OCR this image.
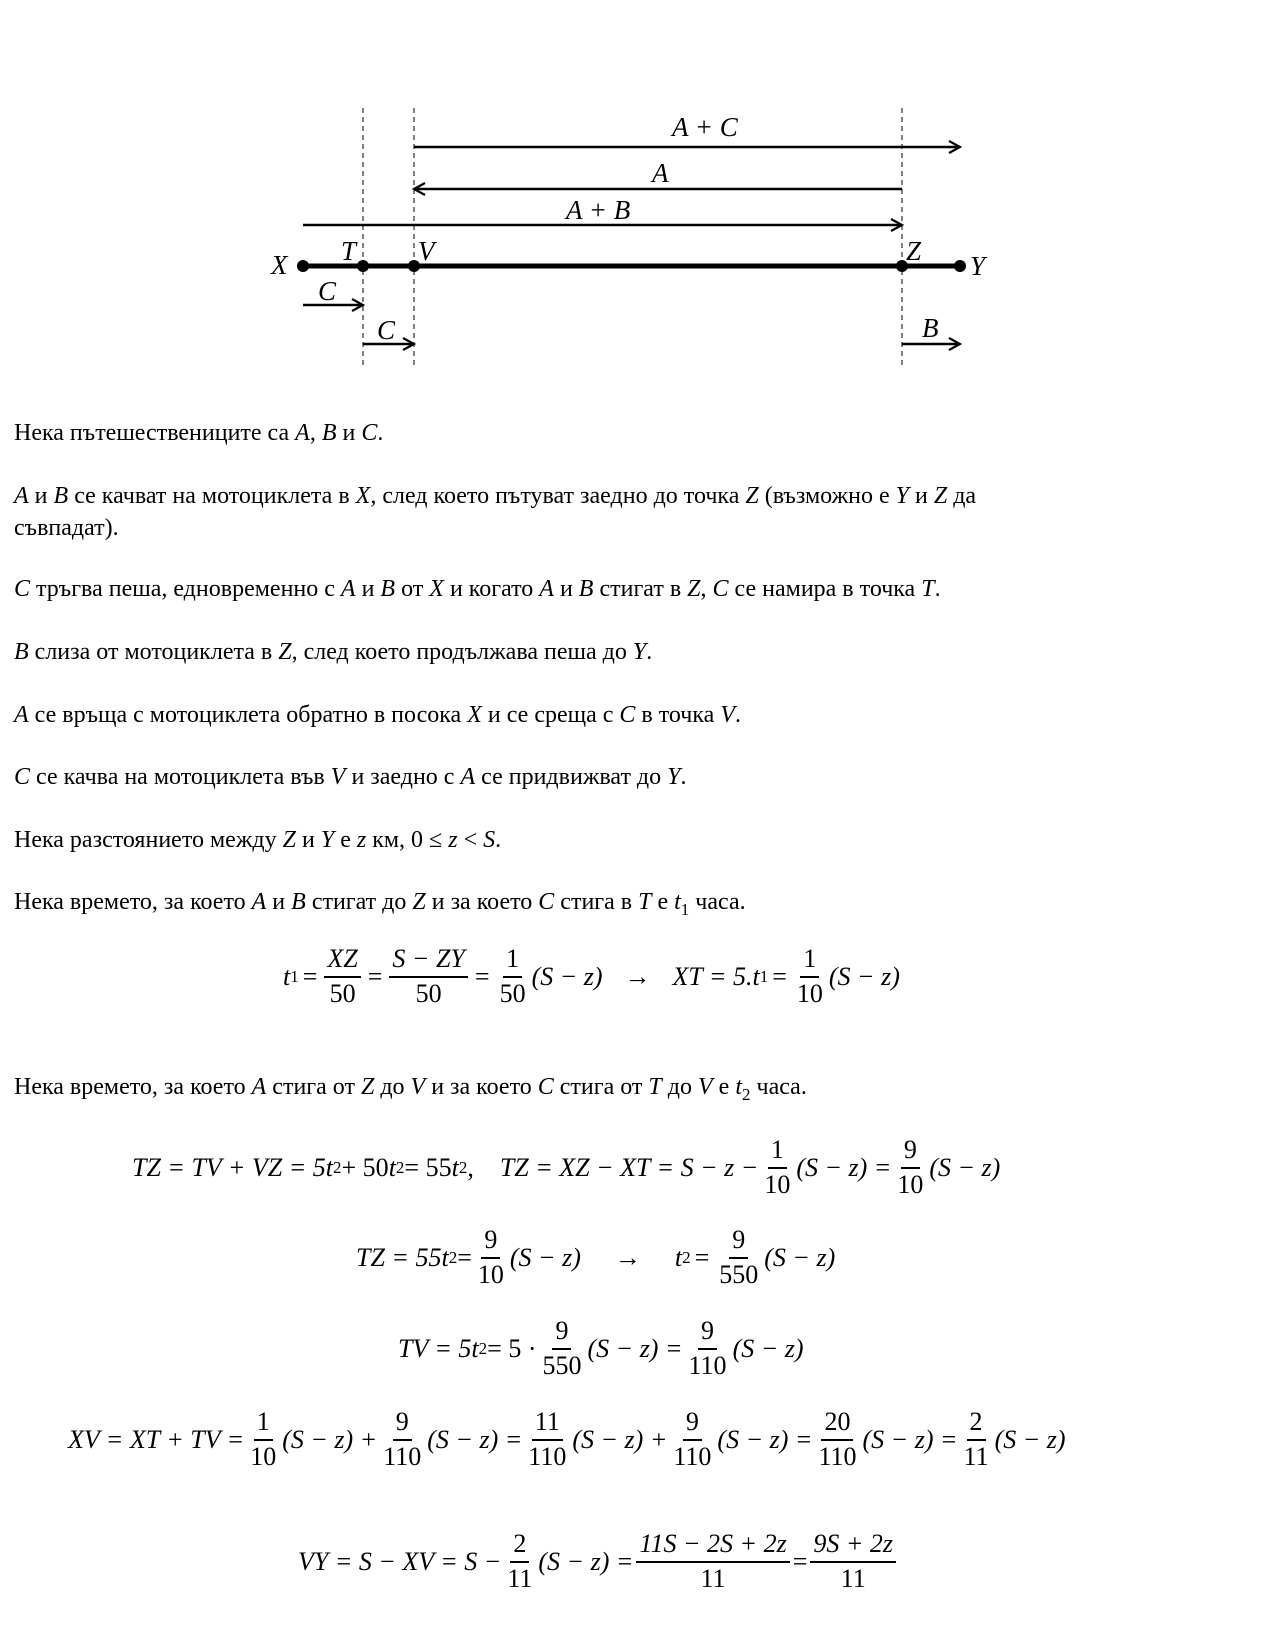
A + C
A
A + B
X T V	Z Y
C
C	B
Нека пътешествениците са A, B и C.
A и B се качват на мотоциклета в X, след което пътуват заедно до точка Z (възможно е Y и Z да
съвпадат).
C тръгва пеша, едновременно с A и B от X и когато A и B стигат в Z, C се намира в точка T.
B слиза от мотоциклета в Z, след което продължава пеша до Y.
A се връща с мотоциклета обратно в посока X и се среща с C в точка V.
C се качва на мотоциклета във V и заедно с A се придвижват до Y.
Нека разстоянието между Z и Y е z км, 0 ≤ z < S.
Нека времето, за което A и B стигат до Z и за което C стига в T е $t_1$ часа.
t $1 = \frac{XZ}{50} = \frac{S - ZY}{50} = \frac{1}{50} (S - z)$ → XT = 5. t $1 = \frac{1}{10} (S - z)$
Нека времето, за което A стига от Z до V и за което C стига от T до V е $t_2$ часа.
TZ = TV + VZ = 5 t 2 + 50 t 2 = 55 t 2 , TZ = XZ − XT = $S - z - \frac{1}{10} (S - z) = \frac{9}{10} (S - z)$
TZ = 55 t $2 = \frac{9}{10} (S - z)$	→	t $2 = \frac{9}{550} (S - z)$
TV = 5 t $2 = 5 \cdot \frac{9}{550} (S - z) = \frac{9}{110} (S - z)$
XV = XT + TV = $\frac{1}{10} (S - z) + \frac{9}{110} (S - z) = \frac{11}{110} (S - z) + \frac{9}{110} (S - z) = \frac{20}{110} (S - z) = \frac{2}{11} (S - z)$
VY = S − XV = $S - \frac{2}{11} (S - z) = \frac{11S - 2S + 2z}{11} = \frac{9S + 2z}{11}$
